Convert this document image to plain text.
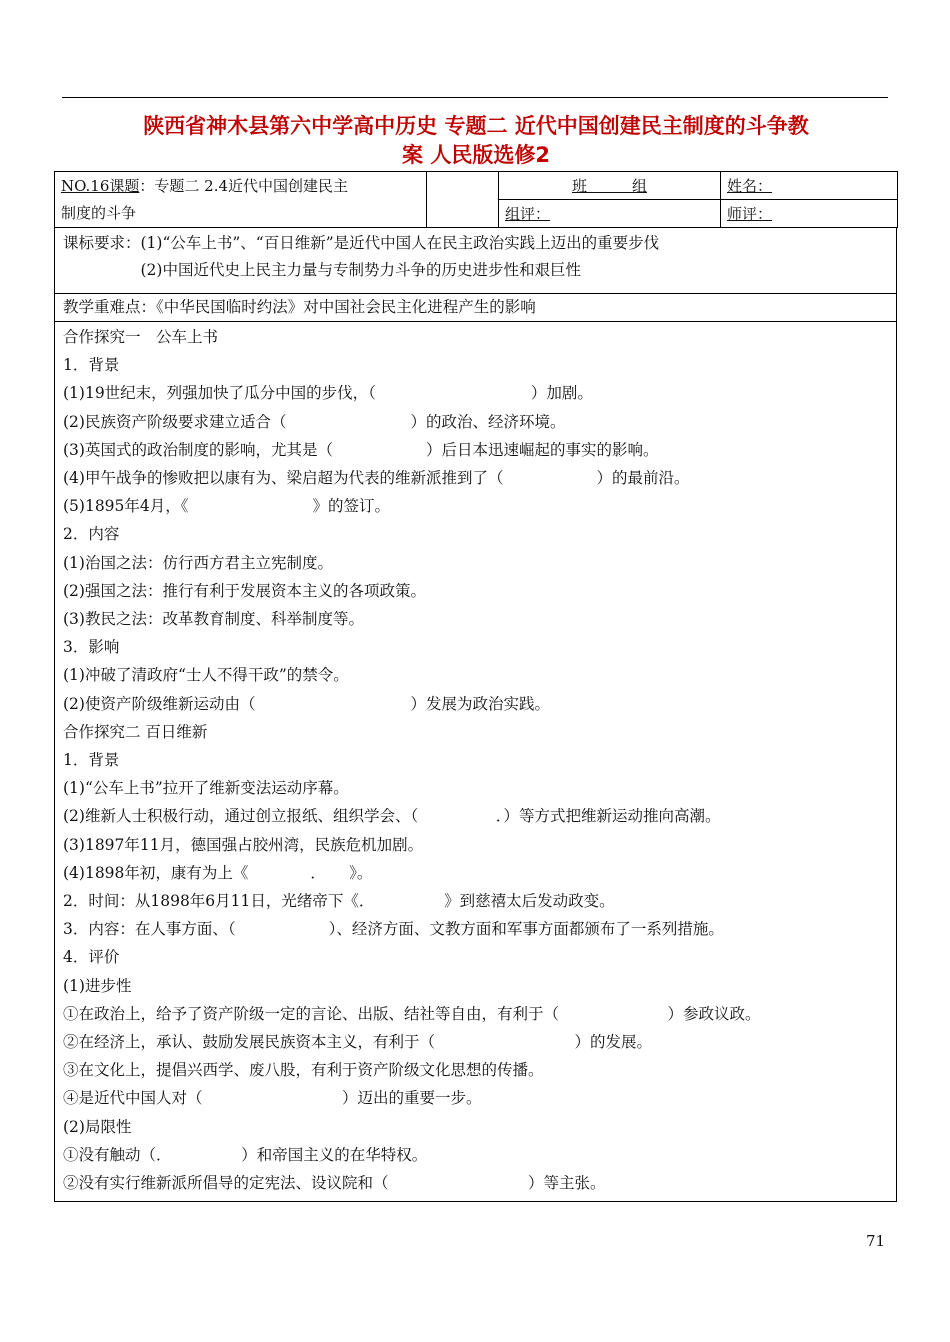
陕西省神木县第六中学高中历史 专题二 近代中国创建民主制度的斗争教
案 人民版选修2
NO.16课题：专题二 2.4近代中国创建民主
制度的斗争		班　　　组	姓名：
		组评：	师评：
课标要求：(1)“公车上书”、“百日维新”是近代中国人在民主政治实践上迈出的重要步伐
　　　　　(2)中国近代史上民主力量与专制势力斗争的历史进步性和艰巨性
教学重难点：《中华民国临时约法》对中国社会民主化进程产生的影响
合作探究一　公车上书
1．背景
(1)19世纪末，列强加快了瓜分中国的步伐，（　　　　　　　　　　）加剧。
(2)民族资产阶级要求建立适合（　　　　　　　　）的政治、经济环境。
(3)英国式的政治制度的影响，尤其是（　　　　　　）后日本迅速崛起的事实的影响。
(4)甲午战争的惨败把以康有为、梁启超为代表的维新派推到了（　　　　　　）的最前沿。
(5)1895年4月，《　　　　　　　　》的签订。
2．内容
(1)治国之法：仿行西方君主立宪制度。
(2)强国之法：推行有利于发展资本主义的各项政策。
(3)教民之法：改革教育制度、科举制度等。
3．影响
(1)冲破了清政府“士人不得干政”的禁令。
(2)使资产阶级维新运动由（　　　　　　　　　　）发展为政治实践。
合作探究二 百日维新
1．背景
(1)“公车上书”拉开了维新变法运动序幕。
(2)维新人士积极行动，通过创立报纸、组织学会、（　　　　　．）等方式把维新运动推向高潮。
(3)1897年11月，德国强占胶州湾，民族危机加剧。
(4)1898年初，康有为上《　　　　．　　》。
2．时间：从1898年6月11日，光绪帝下《．　　　　　》到慈禧太后发动政变。
3．内容：在人事方面、（　　　　　　）、经济方面、文教方面和军事方面都颁布了一系列措施。
4．评价
(1)进步性
①在政治上，给予了资产阶级一定的言论、出版、结社等自由，有利于（　　　　　　　）参政议政。
②在经济上，承认、鼓励发展民族资本主义，有利于（　　　　　　　　　）的发展。
③在文化上，提倡兴西学、废八股，有利于资产阶级文化思想的传播。
④是近代中国人对（　　　　　　　　　）迈出的重要一步。
(2)局限性
①没有触动（．　　　　　）和帝国主义的在华特权。
②没有实行维新派所倡导的定宪法、设议院和（　　　　　　　　　）等主张。
71
